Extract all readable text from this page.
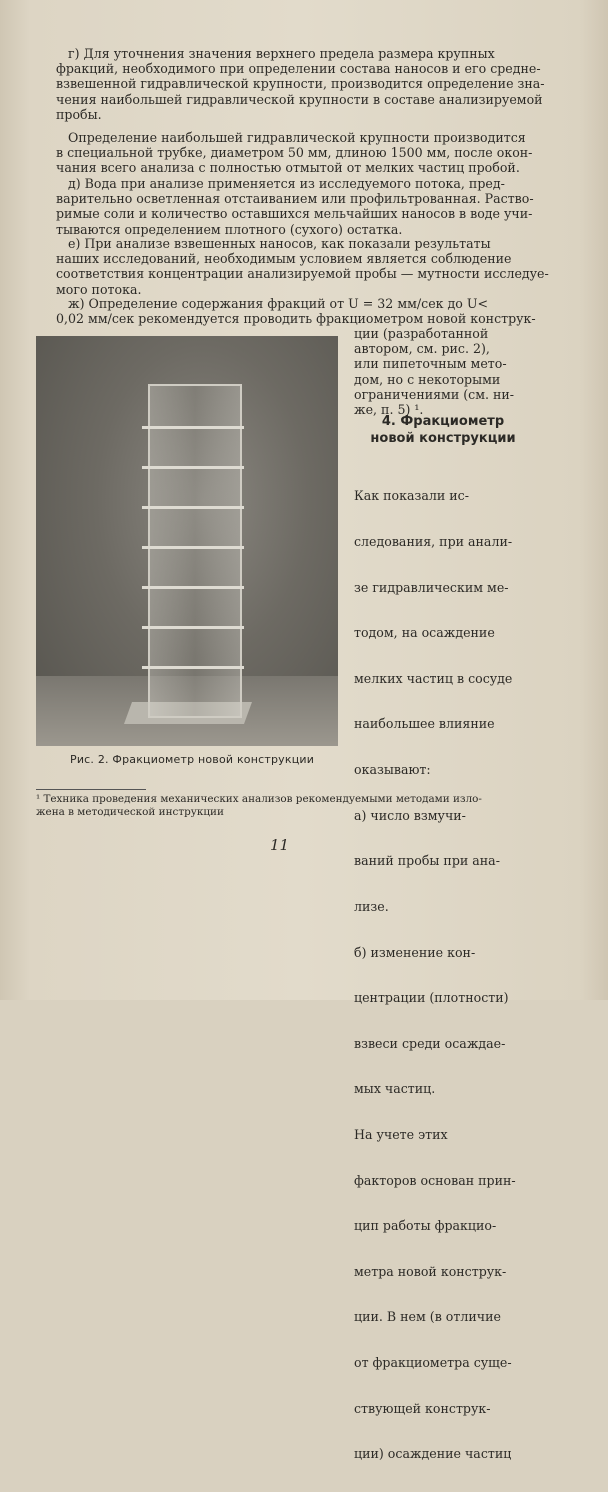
г) Для уточнения значения верхнего предела размера крупных
фракций, необходимого при определении состава наносов и его средне-
взвешенной гидравлической крупности, производится определение зна-
чения наибольшей гидравлической крупности в составе анализируемой
пробы.

Определение наибольшей гидравлической крупности производится
в специальной трубке, диаметром 50 мм, длиною 1500 мм, после окон-
чания всего анализа с полностью отмытой от мелких частиц пробой.

д) Вода при анализе применяется из исследуемого потока, пред-
варительно осветленная отстаиванием или профильтрованная. Раство-
римые соли и количество оставшихся мельчайших наносов в воде учи-
тываются определением плотного (сухого) остатка.

е) При анализе взвешенных наносов, как показали результаты
наших исследований, необходимым условием является соблюдение
соответствия концентрации анализируемой пробы — мутности исследуе-
мого потока.

ж) Определение содержания фракций от U = 32 мм/сек до U<
0,02 мм/сек рекомендуется проводить фракциометром новой конструк-

Рис. 2. Фракциометр новой конструкции

ции (разработанной
автором, см. рис. 2),
или пипеточным мето-
дом, но с некоторыми
ограничениями (см. ни-
же, п. 5) ¹.

4. Фракциометр
новой конструкции

Как показали ис-

следования, при анали-

зе гидравлическим ме-

тодом, на осаждение

мелких частиц в сосуде

наибольшее влияние

оказывают:

а) число взмучи-

ваний пробы при ана-

лизе.

б) изменение кон-

центрации (плотности)

взвеси среди осаждае-

мых частиц.

На учете этих

факторов основан прин-

цип работы фракцио-

метра новой конструк-

ции. В нем (в отличие

от фракциометра суще-

ствующей конструк-

ции) осаждение частиц

¹ Техника проведения механических анализов рекомендуемыми методами изло-
жена в методической инструкции
11
